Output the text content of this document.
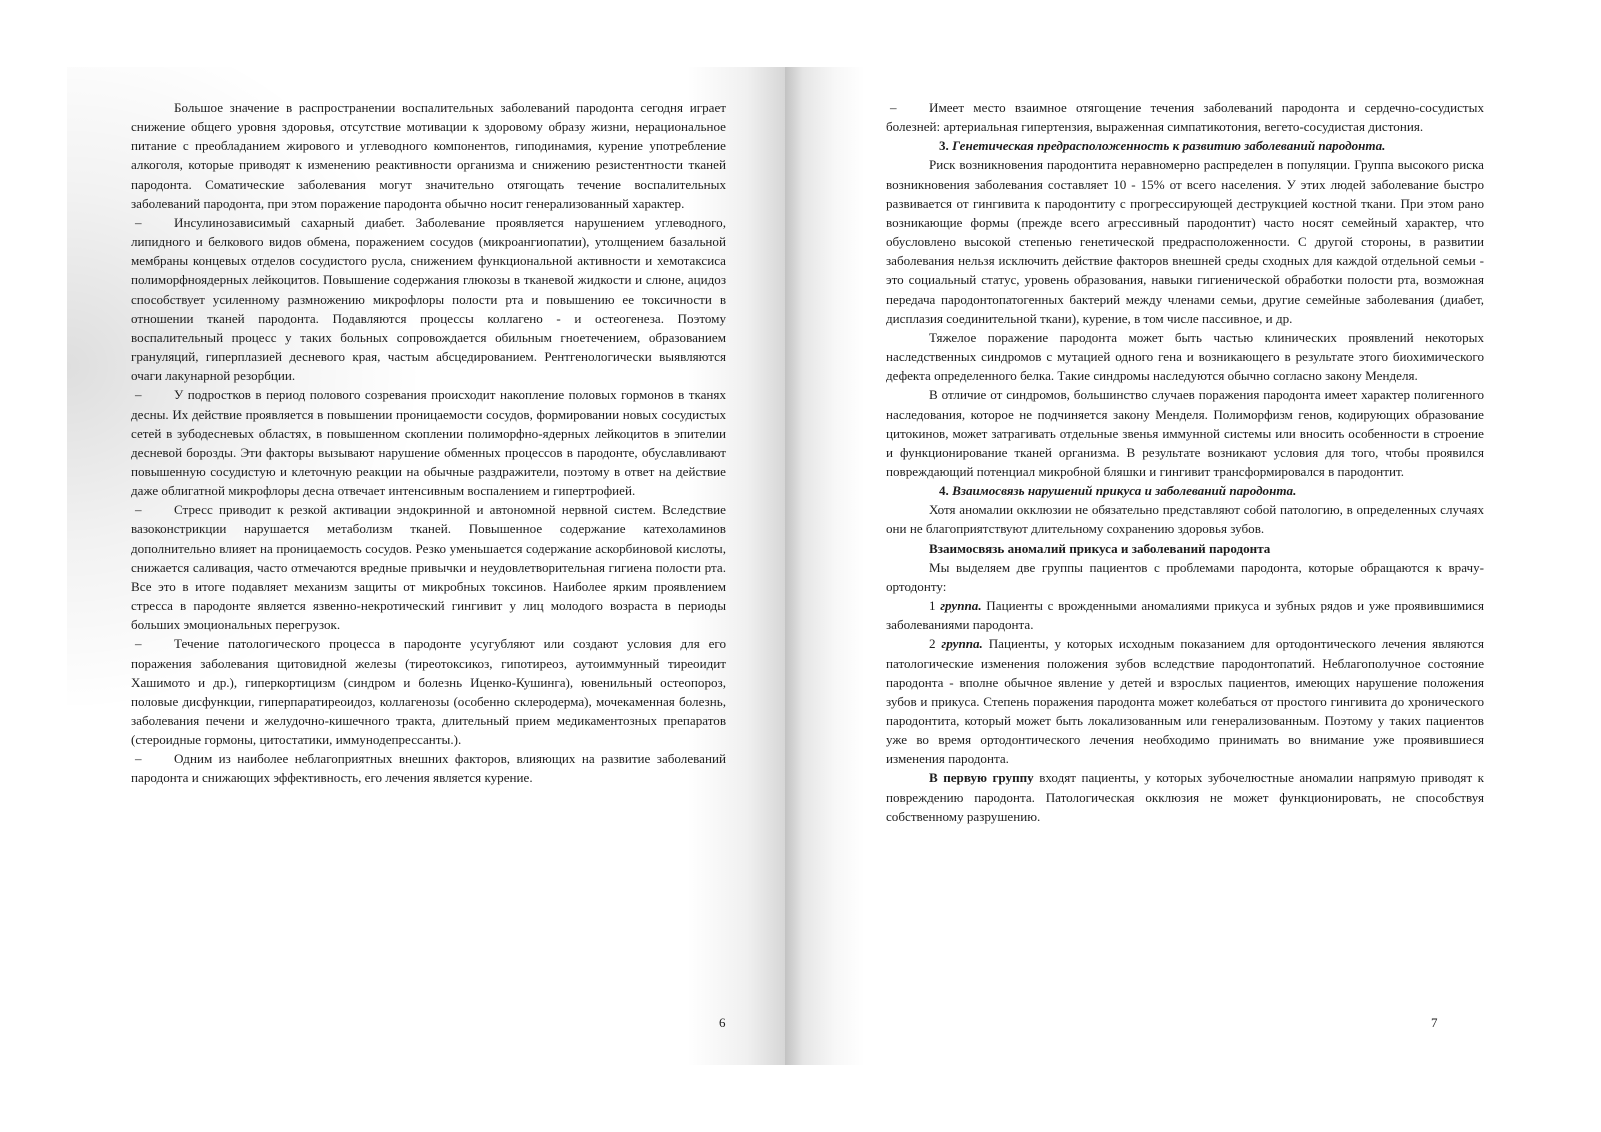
Большое значение в распространении воспалительных заболеваний пародонта сегодня играет снижение общего уровня здоровья, отсутствие мотивации к здоровому образу жизни, нерациональное питание с преобладанием жирового и углеводного компонентов, гиподинамия, курение употребление алкоголя, которые приводят к изменению реактивности организма и снижению резистентности тканей пародонта. Соматические заболевания могут значительно отягощать течение воспалительных заболеваний пародонта, при этом поражение пародонта обычно носит генерализованный характер.

– Инсулинозависимый сахарный диабет. Заболевание проявляется нарушением углеводного, липидного и белкового видов обмена, поражением сосудов (микроангиопатии), утолщением базальной мембраны концевых отделов сосудистого русла, снижением функциональной активности и хемотаксиса полиморфноядерных лейкоцитов. Повышение содержания глюкозы в тканевой жидкости и слюне, ацидоз способствует усиленному размножению микрофлоры полости рта и повышению ее токсичности в отношении тканей пародонта. Подавляются процессы коллагено - и остеогенеза. Поэтому воспалительный процесс у таких больных сопровождается обильным гноетечением, образованием грануляций, гиперплазией десневого края, частым абсцедированием. Рентгенологически выявляются очаги лакунарной резорбции.

– У подростков в период полового созревания происходит накопление половых гормонов в тканях десны. Их действие проявляется в повышении проницаемости сосудов, формировании новых сосудистых сетей в зубодесневых областях, в повышенном скоплении полиморфно-ядерных лейкоцитов в эпителии десневой борозды. Эти факторы вызывают нарушение обменных процессов в пародонте, обуславливают повышенную сосудистую и клеточную реакции на обычные раздражители, поэтому в ответ на действие даже облигатной микрофлоры десна отвечает интенсивным воспалением и гипертрофией.

– Стресс приводит к резкой активации эндокринной и автономной нервной систем. Вследствие вазоконстрикции нарушается метаболизм тканей. Повышенное содержание катехоламинов дополнительно влияет на проницаемость сосудов. Резко уменьшается содержание аскорбиновой кислоты, снижается саливация, часто отмечаются вредные привычки и неудовлетворительная гигиена полости рта. Все это в итоге подавляет механизм защиты от микробных токсинов. Наиболее ярким проявлением стресса в пародонте является язвенно-некротический гингивит у лиц молодого возраста в периоды больших эмоциональных перегрузок.

– Течение патологического процесса в пародонте усугубляют или создают условия для его поражения заболевания щитовидной железы (тиреотоксикоз, гипотиреоз, аутоиммунный тиреоидит Хашимото и др.), гиперкортицизм (синдром и болезнь Иценко-Кушинга), ювенильный остеопороз, половые дисфункции, гиперпаратиреоидоз, коллагенозы (особенно склеродерма), мочекаменная болезнь, заболевания печени и желудочно-кишечного тракта, длительный прием медикаментозных препаратов (стероидные гормоны, цитостатики, иммунодепрессанты.).

– Одним из наиболее неблагоприятных внешних факторов, влияющих на развитие заболеваний пародонта и снижающих эффективность, его лечения является курение.

6

– Имеет место взаимное отягощение течения заболеваний пародонта и сердечно-сосудистых болезней: артериальная гипертензия, выраженная симпатикотония, вегето-сосудистая дистония.

3. Генетическая предрасположенность к развитию заболеваний пародонта.

Риск возникновения пародонтита неравномерно распределен в популяции. Группа высокого риска возникновения заболевания составляет 10 - 15% от всего населения. У этих людей заболевание быстро развивается от гингивита к пародонтиту с прогрессирующей деструкцией костной ткани. При этом рано возникающие формы (прежде всего агрессивный пародонтит) часто носят семейный характер, что обусловлено высокой степенью генетической предрасположенности. С другой стороны, в развитии заболевания нельзя исключить действие факторов внешней среды сходных для каждой отдельной семьи - это социальный статус, уровень образования, навыки гигиенической обработки полости рта, возможная передача пародонтопатогенных бактерий между членами семьи, другие семейные заболевания (диабет, дисплазия соединительной ткани), курение, в том числе пассивное, и др.

Тяжелое поражение пародонта может быть частью клинических проявлений некоторых наследственных синдромов с мутацией одного гена и возникающего в результате этого биохимического дефекта определенного белка. Такие синдромы наследуются обычно согласно закону Менделя.

В отличие от синдромов, большинство случаев поражения пародонта имеет характер полигенного наследования, которое не подчиняется закону Менделя. Полиморфизм генов, кодирующих образование цитокинов, может затрагивать отдельные звенья иммунной системы или вносить особенности в строение и функционирование тканей организма. В результате возникают условия для того, чтобы проявился повреждающий потенциал микробной бляшки и гингивит трансформировался в пародонтит.

4. Взаимосвязь нарушений прикуса и заболеваний пародонта.

Хотя аномалии окклюзии не обязательно представляют собой патологию, в определенных случаях они не благоприятствуют длительному сохранению здоровья зубов.

Взаимосвязь аномалий прикуса и заболеваний пародонта

Мы выделяем две группы пациентов с проблемами пародонта, которые обращаются к врачу-ортодонту:

1 группа. Пациенты с врожденными аномалиями прикуса и зубных рядов и уже проявившимися заболеваниями пародонта.

2 группа. Пациенты, у которых исходным показанием для ортодонтического лечения являются патологические изменения положения зубов вследствие пародонтопатий. Неблагополучное состояние пародонта - вполне обычное явление у детей и взрослых пациентов, имеющих нарушение положения зубов и прикуса. Степень поражения пародонта может колебаться от простого гингивита до хронического пародонтита, который может быть локализованным или генерализованным. Поэтому у таких пациентов уже во время ортодонтического лечения необходимо принимать во внимание уже проявившиеся изменения пародонта.

В первую группу входят пациенты, у которых зубочелюстные аномалии напрямую приводят к повреждению пародонта. Патологическая окклюзия не может функционировать, не способствуя собственному разрушению.

7
